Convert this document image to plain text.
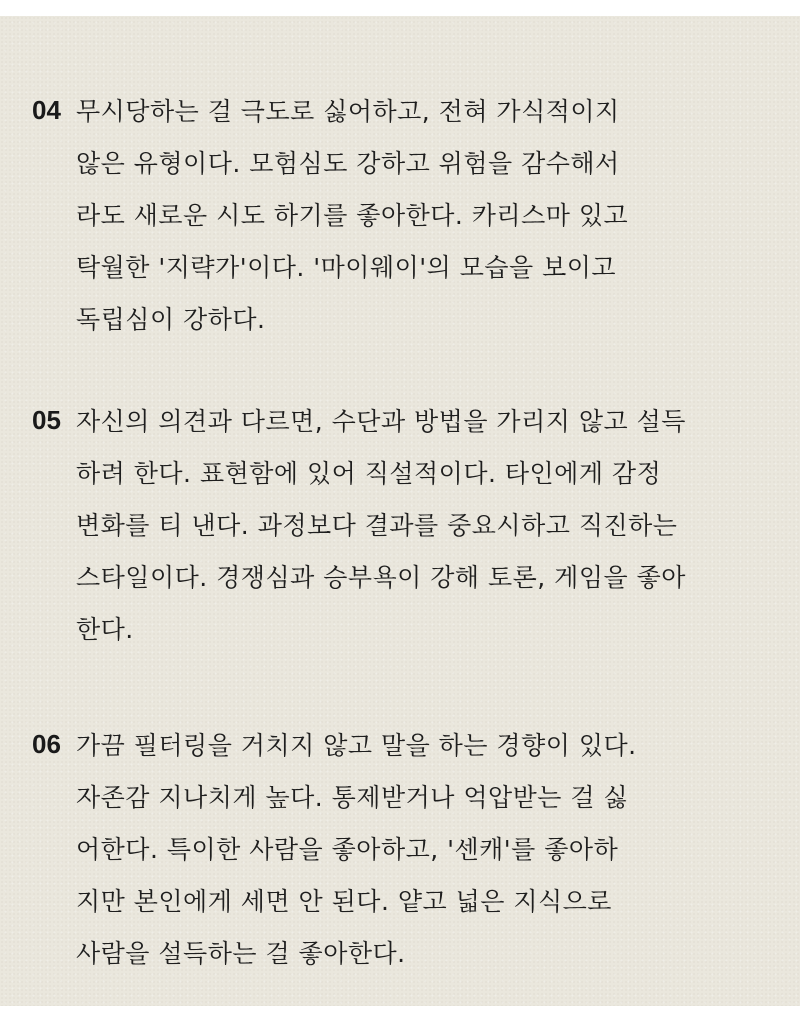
04 무시당하는 걸 극도로 싫어하고, 전혀 가식적이지
않은 유형이다. 모험심도 강하고 위험을 감수해서
라도 새로운 시도 하기를 좋아한다. 카리스마 있고
탁월한 '지략가'이다. '마이웨이'의 모습을 보이고
독립심이 강하다.
05 자신의 의견과 다르면, 수단과 방법을 가리지 않고 설득
하려 한다. 표현함에 있어 직설적이다. 타인에게 감정
변화를 티 낸다. 과정보다 결과를 중요시하고 직진하는
스타일이다. 경쟁심과 승부욕이 강해 토론, 게임을 좋아
한다.
06 가끔 필터링을 거치지 않고 말을 하는 경향이 있다.
자존감 지나치게 높다. 통제받거나 억압받는 걸 싫
어한다. 특이한 사람을 좋아하고, '센캐'를 좋아하
지만 본인에게 세면 안 된다. 얕고 넓은 지식으로
사람을 설득하는 걸 좋아한다.
